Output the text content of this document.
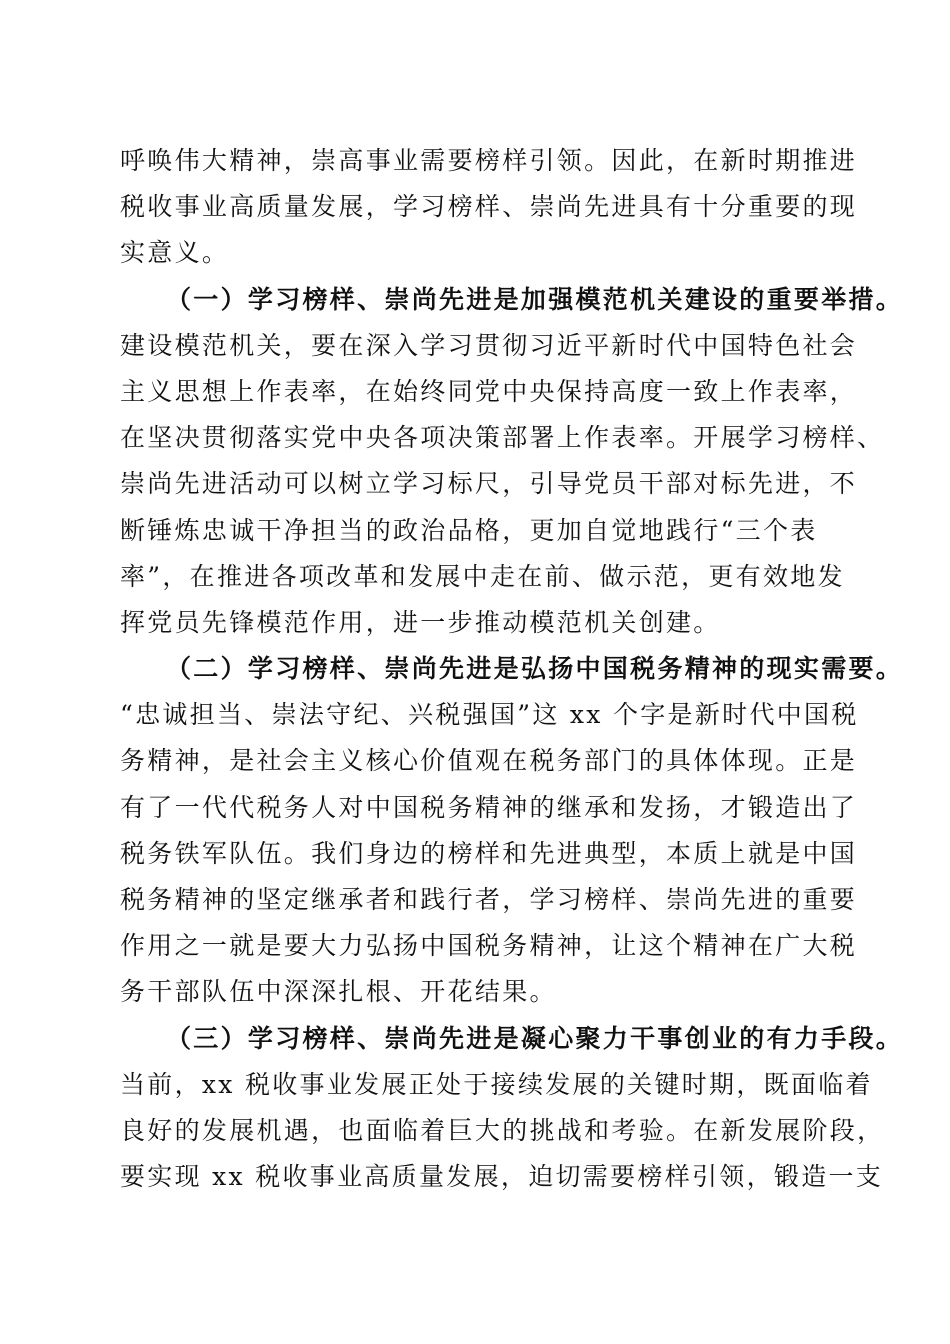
呼唤伟大精神，崇高事业需要榜样引领。因此，在新时期推进
税收事业高质量发展，学习榜样、崇尚先进具有十分重要的现
实意义。
（一）学习榜样、崇尚先进是加强模范机关建设的重要举措。
建设模范机关，要在深入学习贯彻习近平新时代中国特色社会
主义思想上作表率，在始终同党中央保持高度一致上作表率，
在坚决贯彻落实党中央各项决策部署上作表率。开展学习榜样、
崇尚先进活动可以树立学习标尺，引导党员干部对标先进，不
断锤炼忠诚干净担当的政治品格，更加自觉地践行“三个表
率”，在推进各项改革和发展中走在前、做示范，更有效地发
挥党员先锋模范作用，进一步推动模范机关创建。
（二）学习榜样、崇尚先进是弘扬中国税务精神的现实需要。
“忠诚担当、崇法守纪、兴税强国”这 xx 个字是新时代中国税
务精神，是社会主义核心价值观在税务部门的具体体现。正是
有了一代代税务人对中国税务精神的继承和发扬，才锻造出了
税务铁军队伍。我们身边的榜样和先进典型，本质上就是中国
税务精神的坚定继承者和践行者，学习榜样、崇尚先进的重要
作用之一就是要大力弘扬中国税务精神，让这个精神在广大税
务干部队伍中深深扎根、开花结果。
（三）学习榜样、崇尚先进是凝心聚力干事创业的有力手段。
当前，xx 税收事业发展正处于接续发展的关键时期，既面临着
良好的发展机遇，也面临着巨大的挑战和考验。在新发展阶段，
要实现 xx 税收事业高质量发展，迫切需要榜样引领，锻造一支
